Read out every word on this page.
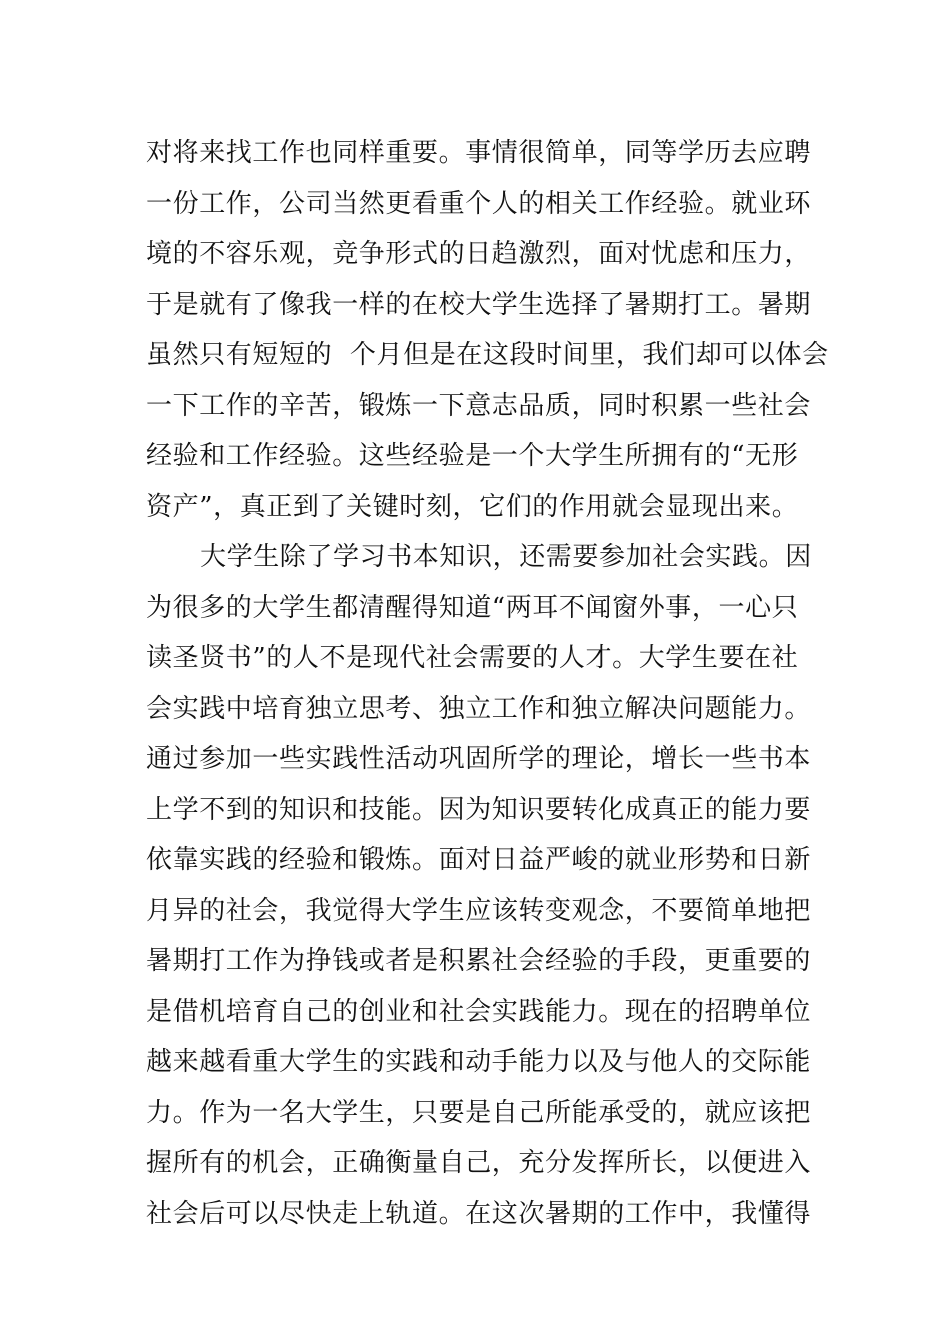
对将来找工作也同样重要。事情很简单，同等学历去应聘
一份工作，公司当然更看重个人的相关工作经验。就业环
境的不容乐观，竞争形式的日趋激烈，面对忧虑和压力，
于是就有了像我一样的在校大学生选择了暑期打工。暑期
虽然只有短短的  个月但是在这段时间里，我们却可以体会
一下工作的辛苦，锻炼一下意志品质，同时积累一些社会
经验和工作经验。这些经验是一个大学生所拥有的“无形
资产”，真正到了关键时刻，它们的作用就会显现出来。
大学生除了学习书本知识，还需要参加社会实践。因
为很多的大学生都清醒得知道“两耳不闻窗外事，一心只
读圣贤书”的人不是现代社会需要的人才。大学生要在社
会实践中培育独立思考、独立工作和独立解决问题能力。
通过参加一些实践性活动巩固所学的理论，增长一些书本
上学不到的知识和技能。因为知识要转化成真正的能力要
依靠实践的经验和锻炼。面对日益严峻的就业形势和日新
月异的社会，我觉得大学生应该转变观念，不要简单地把
暑期打工作为挣钱或者是积累社会经验的手段，更重要的
是借机培育自己的创业和社会实践能力。现在的招聘单位
越来越看重大学生的实践和动手能力以及与他人的交际能
力。作为一名大学生，只要是自己所能承受的，就应该把
握所有的机会，正确衡量自己，充分发挥所长，以便进入
社会后可以尽快走上轨道。在这次暑期的工作中，我懂得
